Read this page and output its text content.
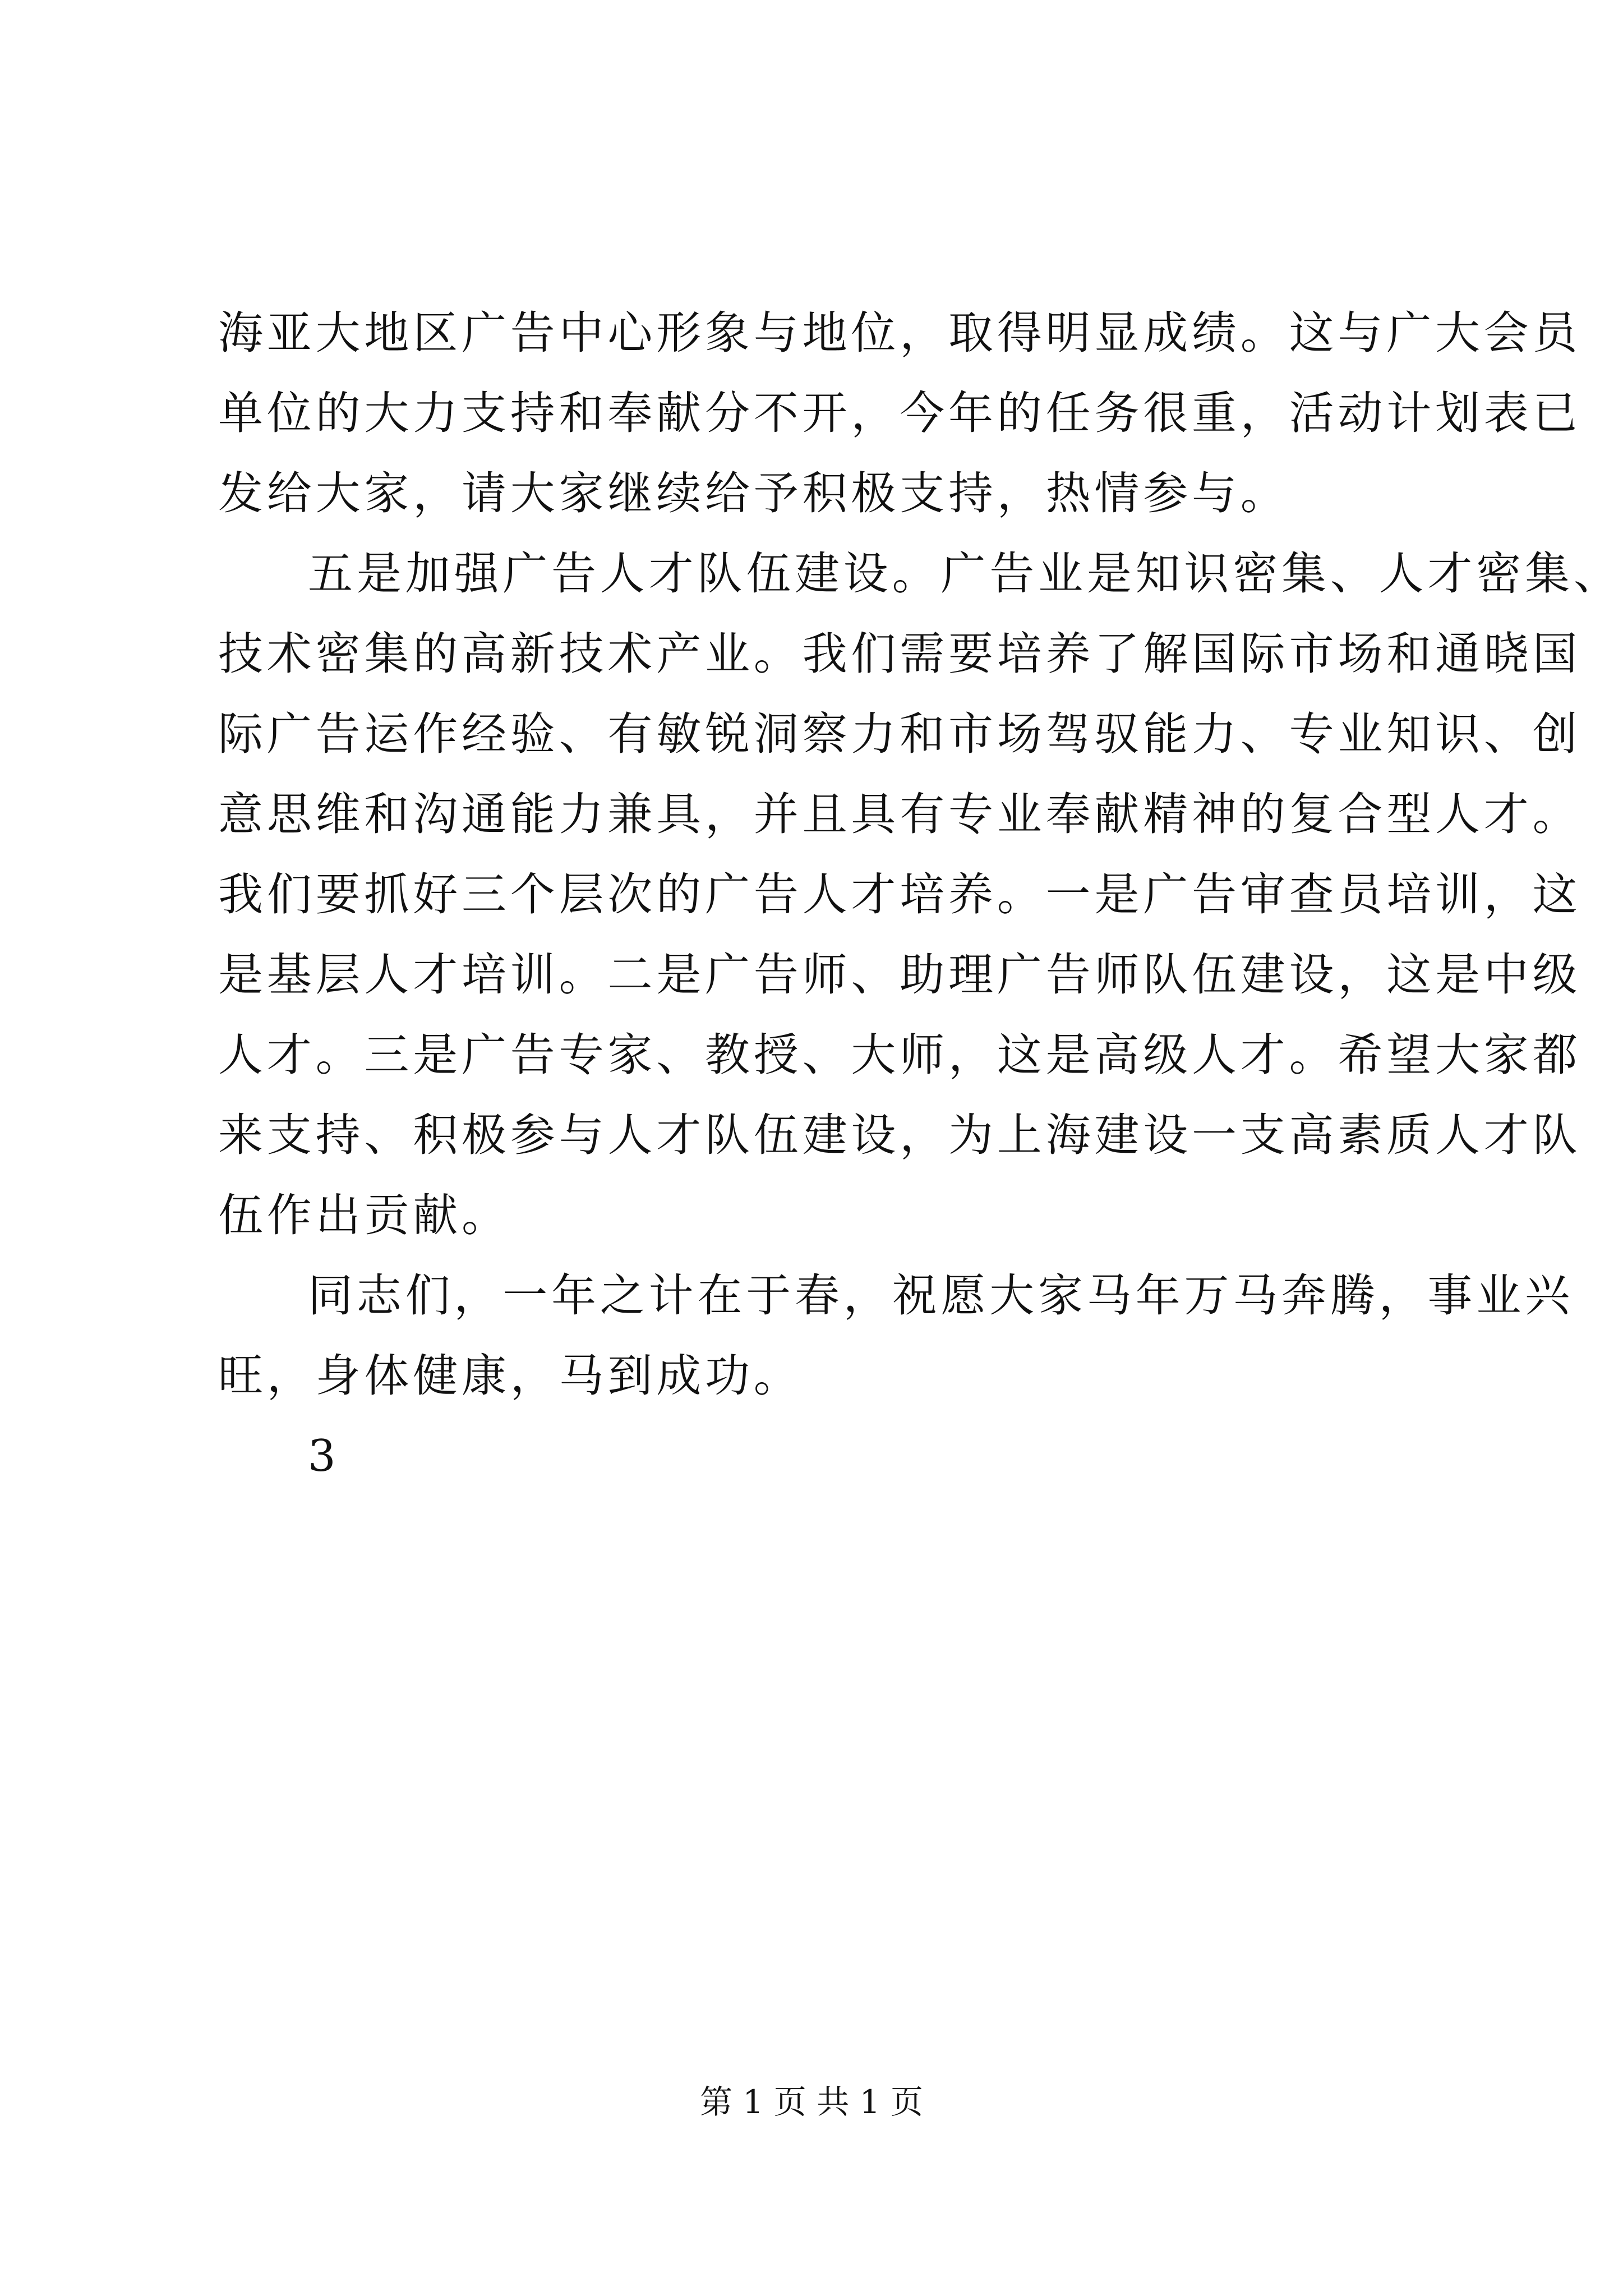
海亚大地区广告中心形象与地位，取得明显成绩。这与广大会员
单位的大力支持和奉献分不开，今年的任务很重，活动计划表已
发给大家，请大家继续给予积极支持，热情参与。
五是加强广告人才队伍建设。广告业是知识密集、人才密集、
技术密集的高新技术产业。我们需要培养了解国际市场和通晓国
际广告运作经验、有敏锐洞察力和市场驾驭能力、专业知识、创
意思维和沟通能力兼具，并且具有专业奉献精神的复合型人才。
我们要抓好三个层次的广告人才培养。一是广告审查员培训，这
是基层人才培训。二是广告师、助理广告师队伍建设，这是中级
人才。三是广告专家、教授、大师，这是高级人才。希望大家都
来支持、积极参与人才队伍建设，为上海建设一支高素质人才队
伍作出贡献。
同志们，一年之计在于春，祝愿大家马年万马奔腾，事业兴
旺，身体健康，马到成功。
3
第 1 页 共 1 页
